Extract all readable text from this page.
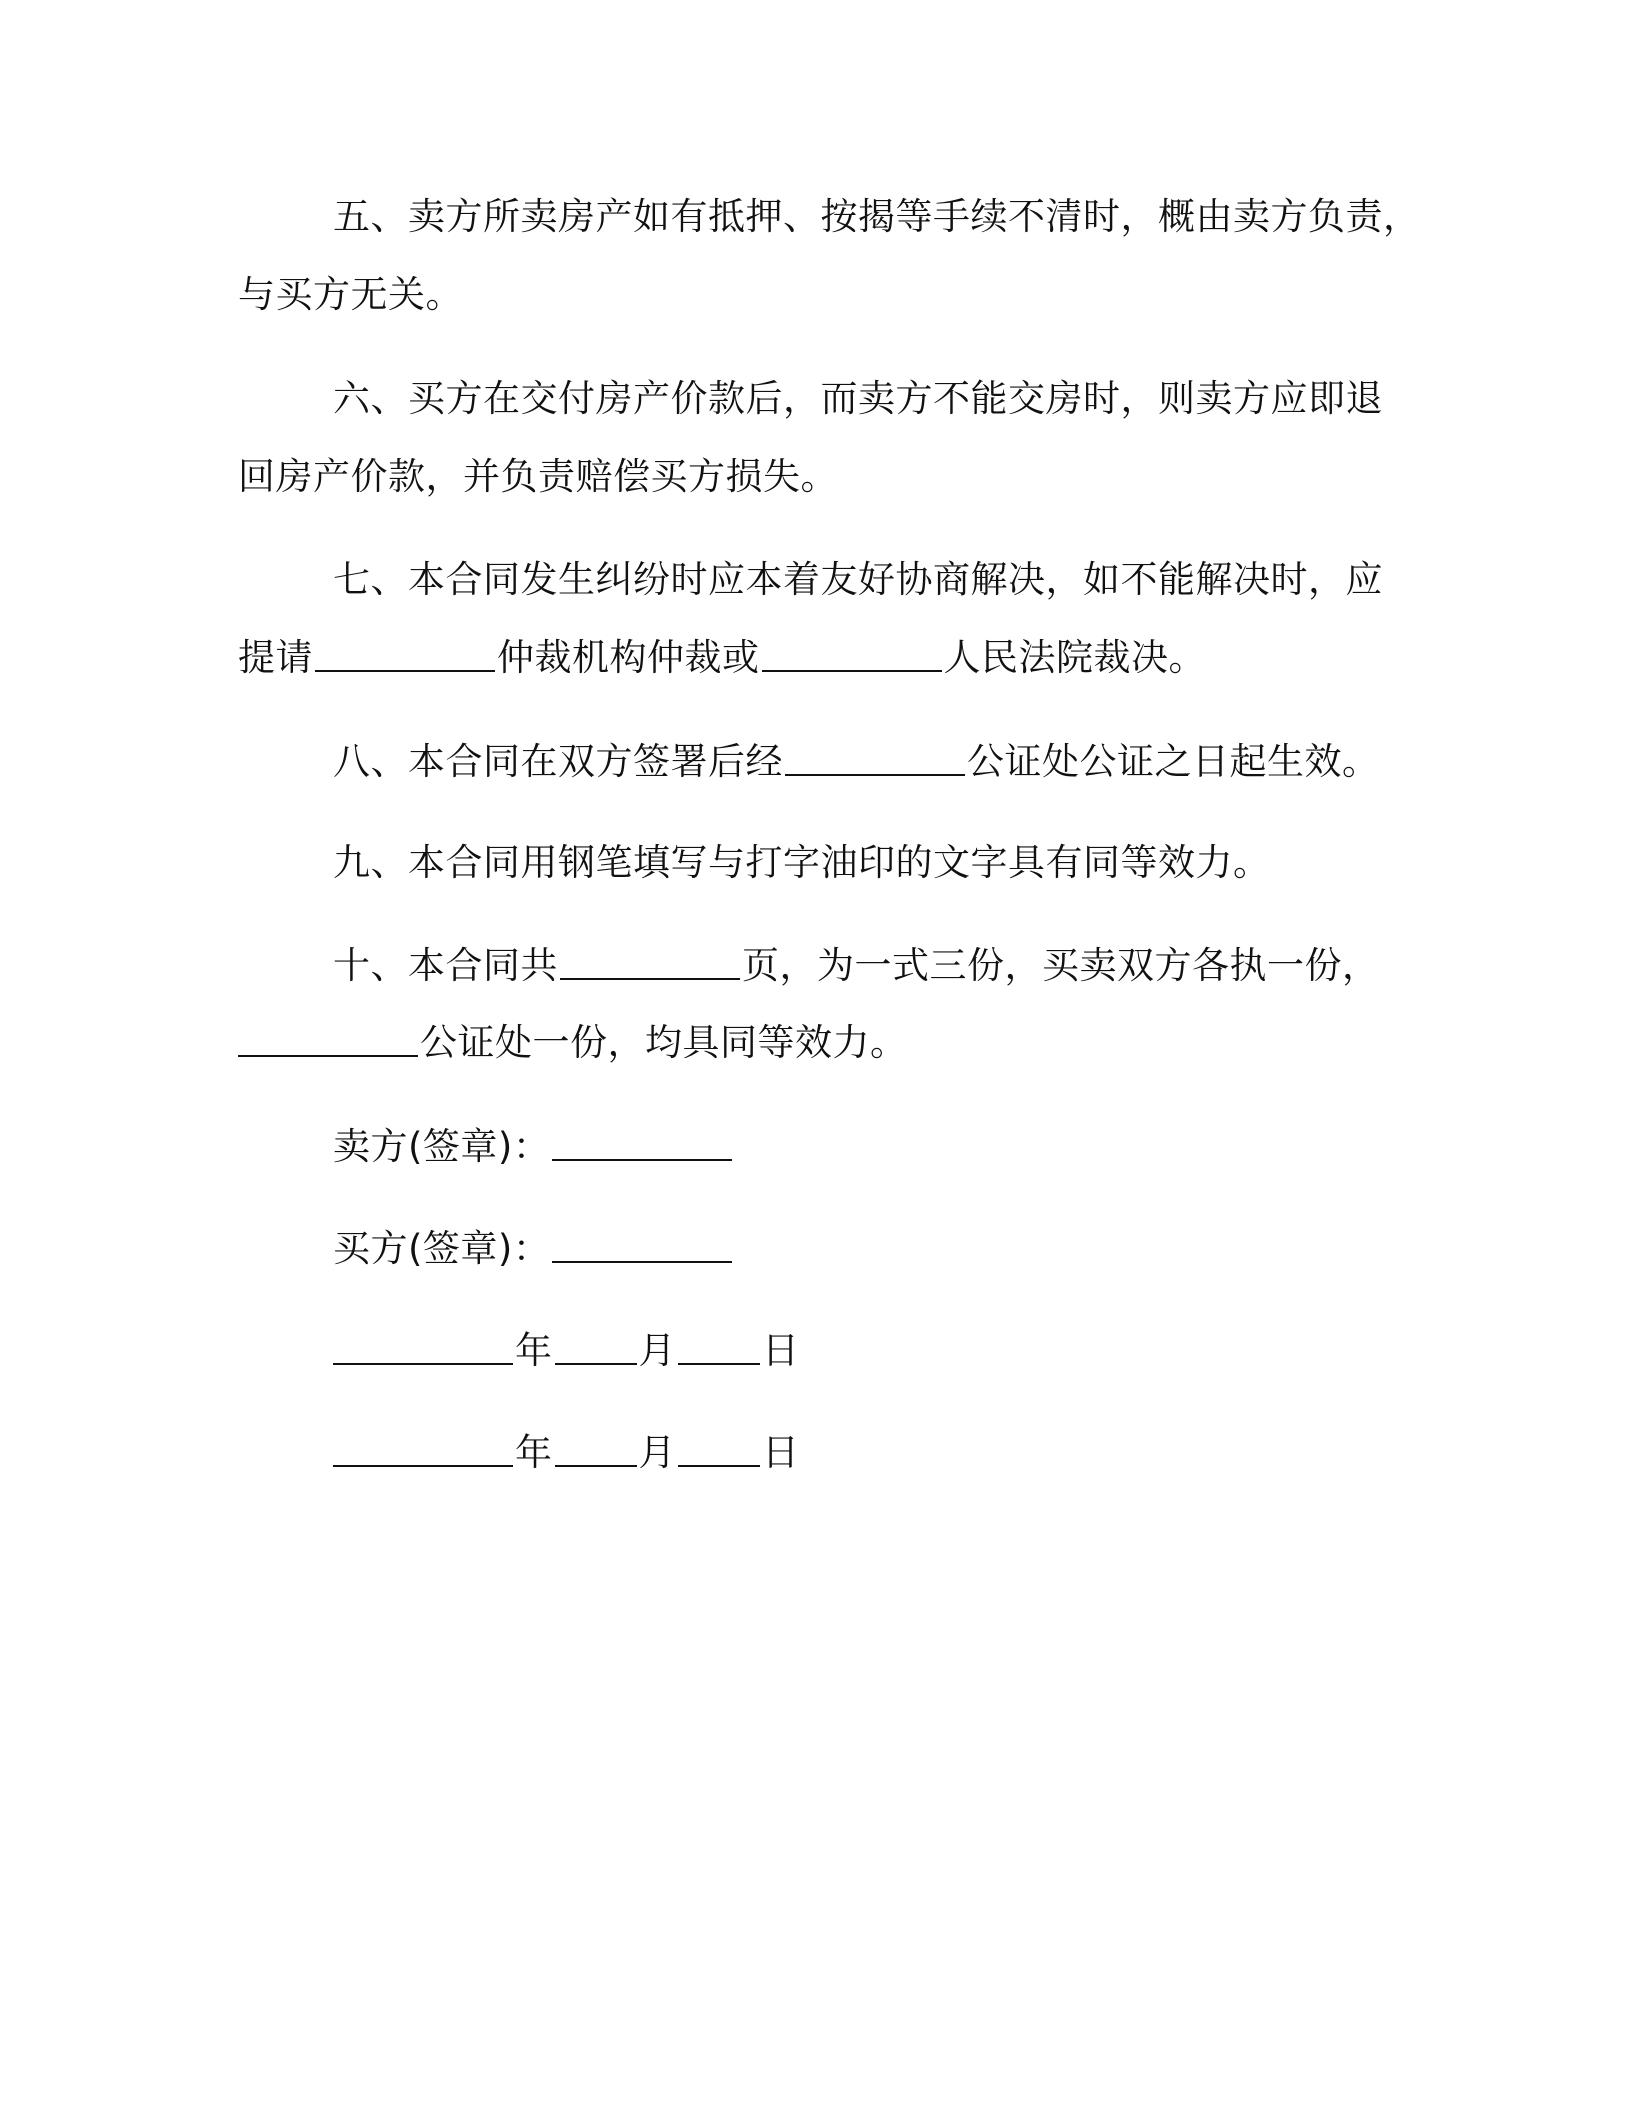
五、卖方所卖房产如有抵押、按揭等手续不清时，概由卖方负责，
与买方无关。
六、买方在交付房产价款后，而卖方不能交房时，则卖方应即退
回房产价款，并负责赔偿买方损失。
七、本合同发生纠纷时应本着友好协商解决，如不能解决时，应
提请	仲裁机构仲裁或	人民法院裁决。
八、本合同在双方签署后经	公证处公证之日起生效。
九、本合同用钢笔填写与打字油印的文字具有同等效力。
十、本合同共	页，为一式三份，买卖双方各执一份，
公证处一份，均具同等效力。
卖方(签章)：
买方(签章)：
年 月 日
年 月 日
